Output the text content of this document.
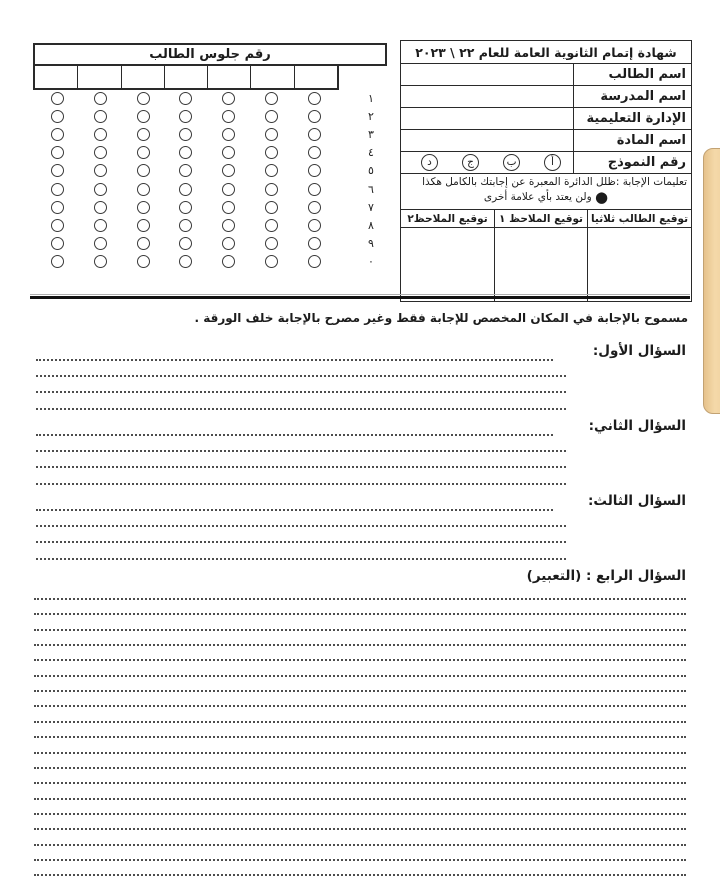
رقم جلوس الطالب
١
٢
٣
٤
٥
٦
٧
٨
٩
٠
شهادة إتمام الثانوية العامة للعام ٢٢ \ ٢٠٢٣
اسم الطالب
اسم المدرسة
الإدارة التعليمية
اسم المادة
رقم النموذج
أ
ب
ج
د
تعليمات الإجابة :ظلل الدائرة المعبرة عن إجابتك بالكامل هكذا
● ولن يعتد بأي علامة أخرى
توقيع الطالب ثلاثيا
توقيع الملاحظ ١
توقيع الملاحظ٢
مسموح بالإجابة في المكان المخصص للإجابة فقط وغير مصرح بالإجابة خلف الورقة .
السؤال الأول:
السؤال الثاني:
السؤال الثالث:
السؤال الرابع : (التعبير)
